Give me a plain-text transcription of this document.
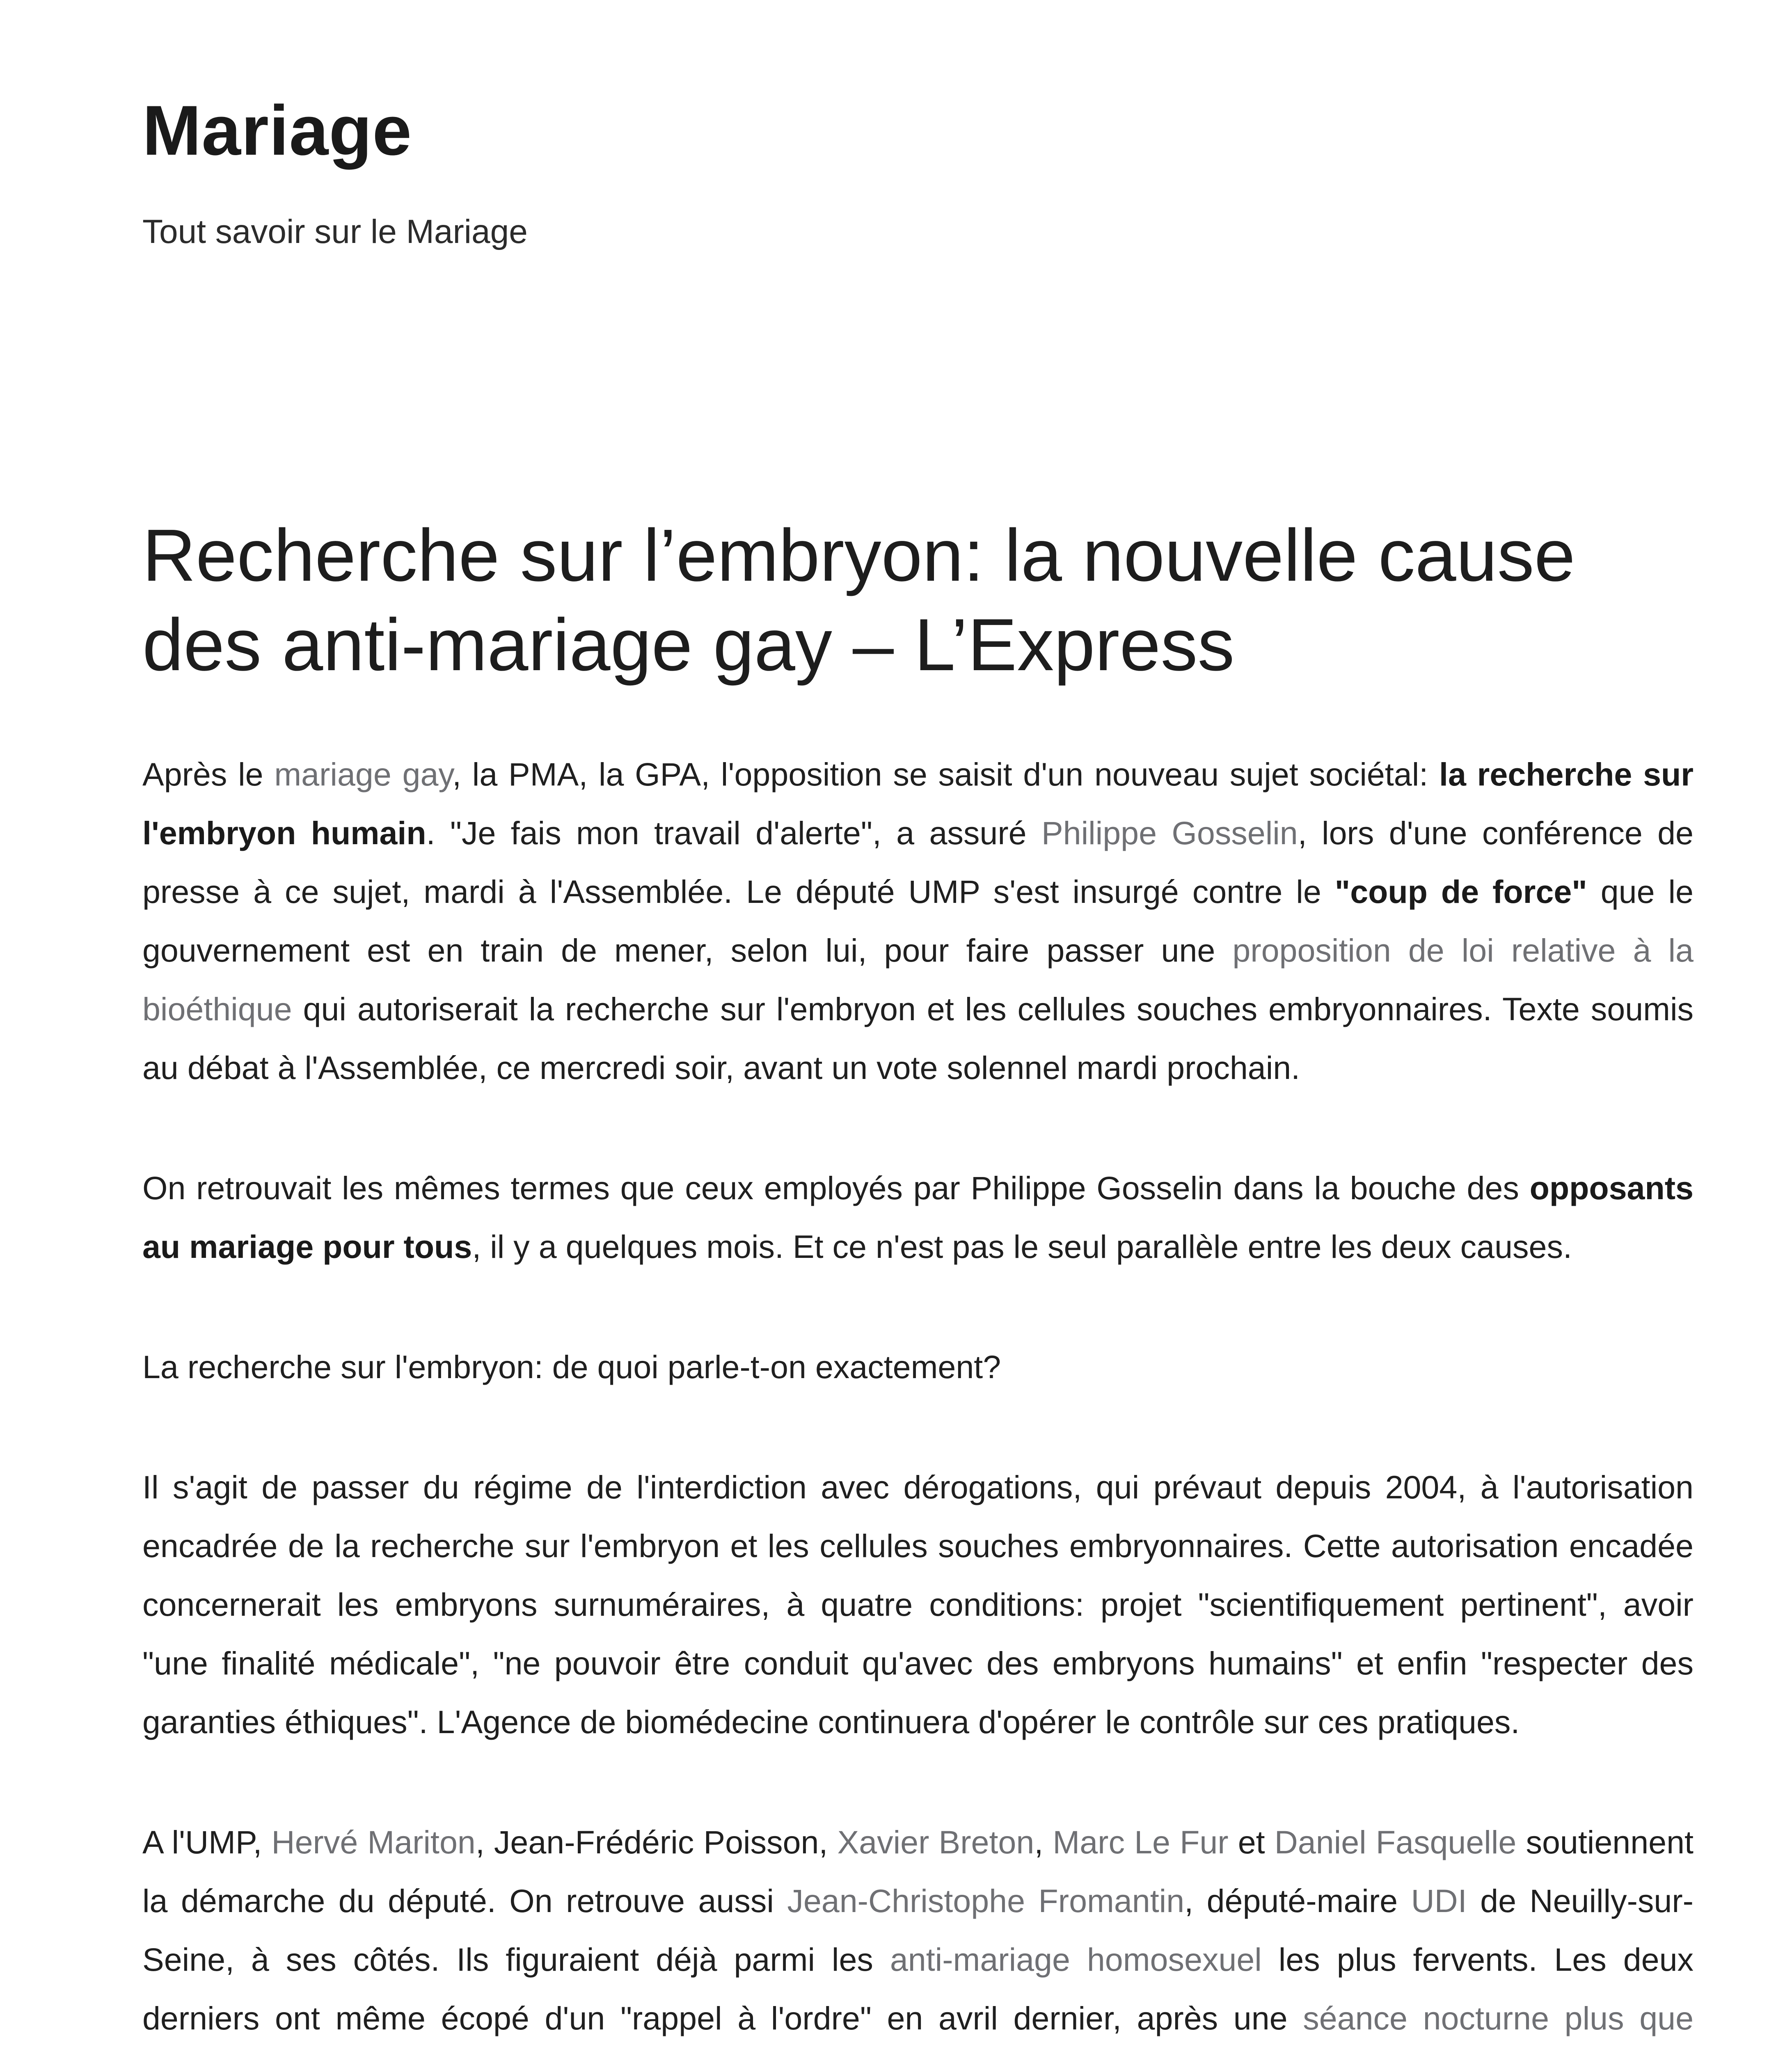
Mariage

Tout savoir sur le Mariage

Recherche sur l’embryon: la nouvelle cause des anti-mariage gay – L’Express

Après le mariage gay, la PMA, la GPA, l'opposition se saisit d'un nouveau sujet sociétal: la recherche sur l'embryon humain. "Je fais mon travail d'alerte", a assuré Philippe Gosselin, lors d'une conférence de presse à ce sujet, mardi à l'Assemblée. Le député UMP s'est insurgé contre le "coup de force" que le gouvernement est en train de mener, selon lui, pour faire passer une proposition de loi relative à la bioéthique qui autoriserait la recherche sur l'embryon et les cellules souches embryonnaires. Texte soumis au débat à l'Assemblée, ce mercredi soir, avant un vote solennel mardi prochain.

On retrouvait les mêmes termes que ceux employés par Philippe Gosselin dans la bouche des opposants au mariage pour tous, il y a quelques mois. Et ce n'est pas le seul parallèle entre les deux causes.

La recherche sur l'embryon: de quoi parle-t-on exactement?

Il s'agit de passer du régime de l'interdiction avec dérogations, qui prévaut depuis 2004, à l'autorisation encadrée de la recherche sur l'embryon et les cellules souches embryonnaires. Cette autorisation encadée concernerait les embryons surnuméraires, à quatre conditions: projet "scientifiquement pertinent", avoir "une finalité médicale", "ne pouvoir être conduit qu'avec des embryons humains" et enfin "respecter des garanties éthiques". L'Agence de biomédecine continuera d'opérer le contrôle sur ces pratiques.

A l'UMP, Hervé Mariton, Jean-Frédéric Poisson, Xavier Breton, Marc Le Fur et Daniel Fasquelle soutiennent la démarche du député. On retrouve aussi Jean-Christophe Fromantin, député-maire UDI de Neuilly-sur-Seine, à ses côtés. Ils figuraient déjà parmi les anti-mariage homosexuel les plus fervents. Les deux derniers ont même écopé d'un "rappel à l'ordre" en avril dernier, après une séance nocturne plus que
